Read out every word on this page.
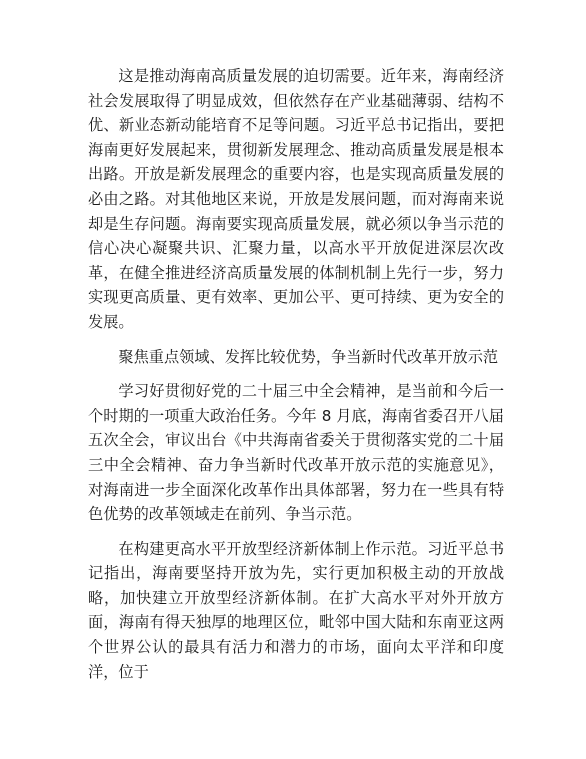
这是推动海南高质量发展的迫切需要。近年来，海南经济社会发展取得了明显成效，但依然存在产业基础薄弱、结构不优、新业态新动能培育不足等问题。习近平总书记指出，要把海南更好发展起来，贯彻新发展理念、推动高质量发展是根本出路。开放是新发展理念的重要内容，也是实现高质量发展的必由之路。对其他地区来说，开放是发展问题，而对海南来说却是生存问题。海南要实现高质量发展，就必须以争当示范的信心决心凝聚共识、汇聚力量，以高水平开放促进深层次改革，在健全推进经济高质量发展的体制机制上先行一步，努力实现更高质量、更有效率、更加公平、更可持续、更为安全的发展。

聚焦重点领域、发挥比较优势，争当新时代改革开放示范

学习好贯彻好党的二十届三中全会精神，是当前和今后一个时期的一项重大政治任务。今年 8 月底，海南省委召开八届五次全会，审议出台《中共海南省委关于贯彻落实党的二十届三中全会精神、奋力争当新时代改革开放示范的实施意见》，对海南进一步全面深化改革作出具体部署，努力在一些具有特色优势的改革领域走在前列、争当示范。

在构建更高水平开放型经济新体制上作示范。习近平总书记指出，海南要坚持开放为先，实行更加积极主动的开放战略，加快建立开放型经济新体制。在扩大高水平对外开放方面，海南有得天独厚的地理区位，毗邻中国大陆和东南亚这两个世界公认的最具有活力和潜力的市场，面向太平洋和印度洋，位于
